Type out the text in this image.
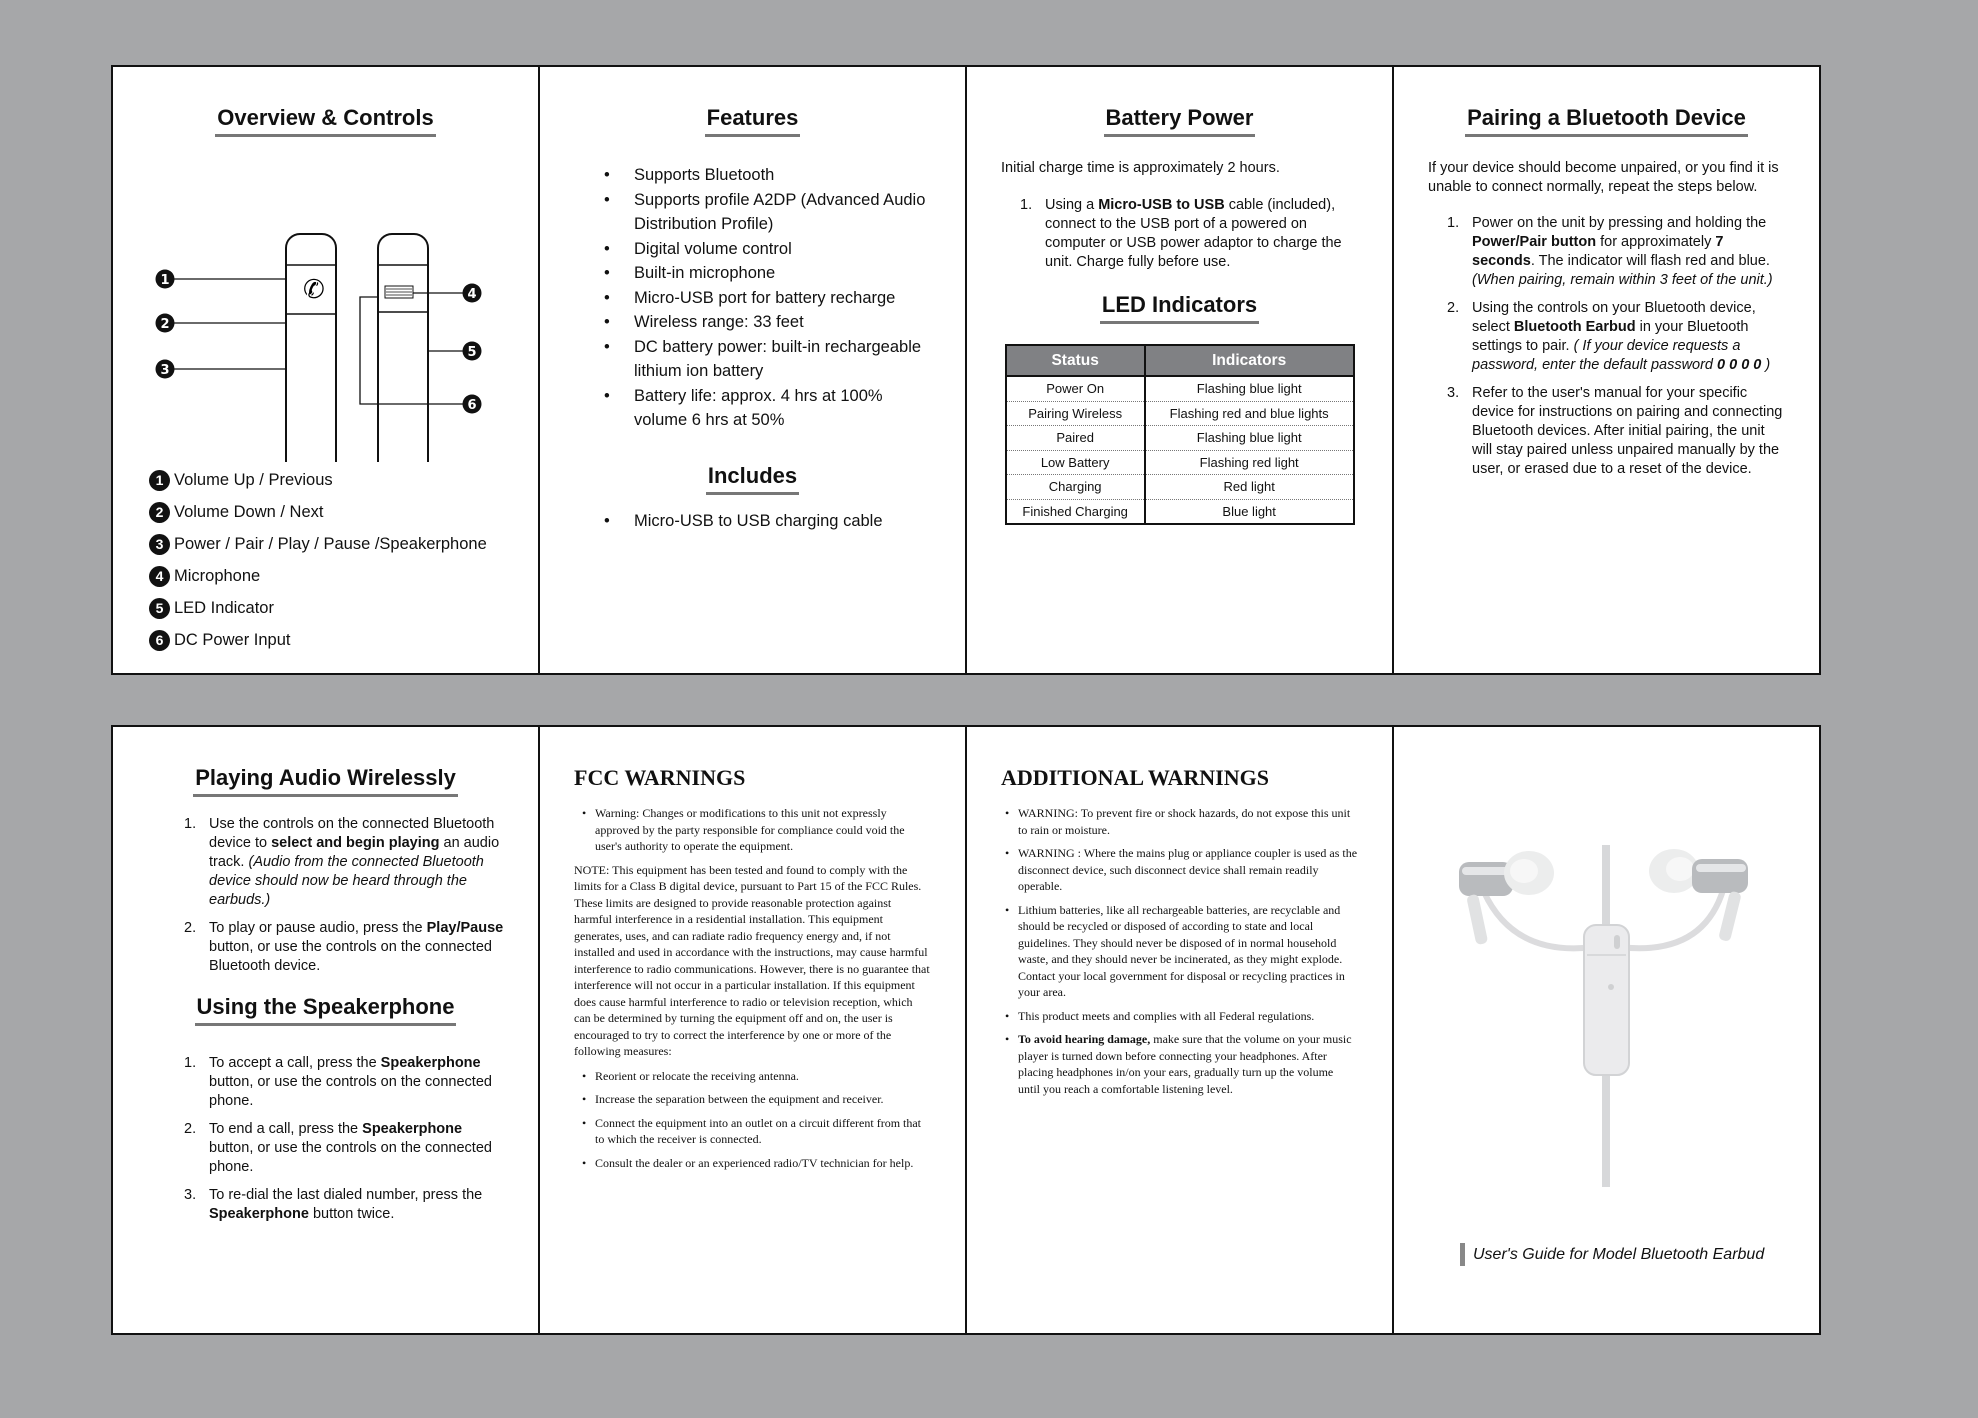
Overview & Controls
✆
1
2
3
4
5
6
1 Volume Up / Previous
2 Volume Down / Next
3 Power / Pair / Play / Pause /Speakerphone
4 Microphone
5 LED Indicator
6 DC Power Input
Features
• Supports Bluetooth
• Supports profile A2DP (Advanced Audio Distribution Profile)
• Digital volume control
• Built-in microphone
• Micro-USB port for battery recharge
• Wireless range: 33 feet
• DC battery power: built-in rechargeable lithium ion battery
• Battery life: approx. 4 hrs at 100% volume 6 hrs at 50%
Includes
• Micro-USB to USB charging cable
Battery Power
Initial charge time is approximately 2 hours.
1. Using a Micro-USB to USB cable (included), connect to the USB port of a powered on computer or USB power adaptor to charge the unit. Charge fully before use.
LED Indicators
Status	Indicators
Power On	Flashing blue light
Pairing Wireless	Flashing red and blue lights
Paired	Flashing blue light
Low Battery	Flashing red light
Charging	Red light
Finished Charging	Blue light
Pairing a Bluetooth Device
If your device should become unpaired, or you find it is unable to connect normally, repeat the steps below.
1. Power on the unit by pressing and holding the Power/Pair button for approximately 7 seconds. The indicator will flash red and blue. (When pairing, remain within 3 feet of the unit.)
2. Using the controls on your Bluetooth device, select Bluetooth Earbud in your Bluetooth settings to pair. ( If your device requests a password, enter the default password 0 0 0 0 )
3. Refer to the user's manual for your specific device for instructions on pairing and connecting Bluetooth devices. After initial pairing, the unit will stay paired unless unpaired manually by the user, or erased due to a reset of the device.
Playing Audio Wirelessly
1. Use the controls on the connected Bluetooth device to select and begin playing an audio track. (Audio from the connected Bluetooth device should now be heard through the earbuds.)
2. To play or pause audio, press the Play/Pause button, or use the controls on the connected Bluetooth device.
Using the Speakerphone
1. To accept a call, press the Speakerphone button, or use the controls on the connected phone.
2. To end a call, press the Speakerphone button, or use the controls on the connected phone.
3. To re-dial the last dialed number, press the Speakerphone button twice.
FCC WARNINGS
• Warning: Changes or modifications to this unit not expressly approved by the party responsible for compliance could void the user's authority to operate the equipment.
NOTE: This equipment has been tested and found to comply with the limits for a Class B digital device, pursuant to Part 15 of the FCC Rules. These limits are designed to provide reasonable protection against harmful interference in a residential installation. This equipment generates, uses, and can radiate radio frequency energy and, if not installed and used in accordance with the instructions, may cause harmful interference to radio communications. However, there is no guarantee that interference will not occur in a particular installation. If this equipment does cause harmful interference to radio or television reception, which can be determined by turning the equipment off and on, the user is encouraged to try to correct the interference by one or more of the following measures:
• Reorient or relocate the receiving antenna.
• Increase the separation between the equipment and receiver.
• Connect the equipment into an outlet on a circuit different from that to which the receiver is connected.
• Consult the dealer or an experienced radio/TV technician for help.
ADDITIONAL WARNINGS
• WARNING: To prevent fire or shock hazards, do not expose this unit to rain or moisture.
• WARNING : Where the mains plug or appliance coupler is used as the disconnect device, such disconnect device shall remain readily operable.
• Lithium batteries, like all rechargeable batteries, are recyclable and should be recycled or disposed of according to state and local guidelines. They should never be disposed of in normal household waste, and they should never be incinerated, as they might explode. Contact your local government for disposal or recycling practices in your area.
• This product meets and complies with all Federal regulations.
• To avoid hearing damage, make sure that the volume on your music player is turned down before connecting your headphones. After placing headphones in/on your ears, gradually turn up the volume until you reach a comfortable listening level.
User's Guide for Model Bluetooth Earbud
